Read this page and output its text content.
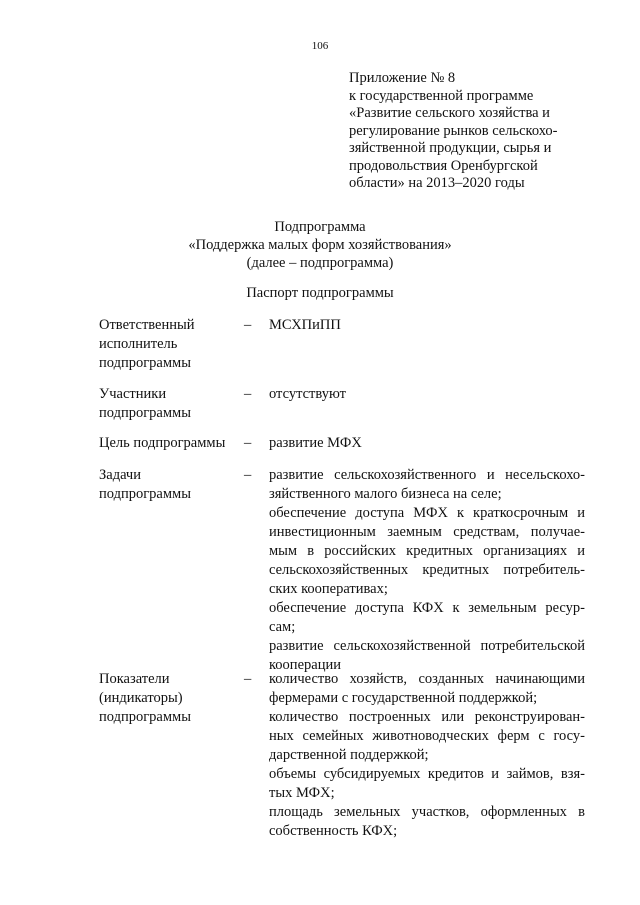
106
Приложение № 8
к государственной программе
«Развитие сельского хозяйства и
регулирование рынков сельскохо-
зяйственной продукции, сырья и
продовольствия Оренбургской
области» на 2013–2020 годы
Подпрограмма
«Поддержка малых форм хозяйствования»
(далее – подпрограмма)
Паспорт подпрограммы
Ответственный
исполнитель
подпрограммы
– МСХПиПП

Участники
подпрограммы
– отсутствуют

Цель подпрограммы	– развитие МФХ

Задачи
подпрограммы
– развитие сельскохозяйственного и несельскохо-зяйственного малого бизнеса на селе;

обеспечение доступа МФХ к краткосрочным и инвестиционным заемным средствам, получае-мым в российских кредитных организациях и сельскохозяйственных кредитных потребитель-ских кооперативах;

обеспечение доступа КФХ к земельным ресур-сам;

развитие сельскохозяйственной потребительской кооперации

Показатели
(индикаторы)
подпрограммы
– количество хозяйств, созданных начинающими фермерами с государственной поддержкой;

количество построенных или реконструирован-ных семейных животноводческих ферм с госу-дарственной поддержкой;

объемы субсидируемых кредитов и займов, взя-тых МФХ;

площадь земельных участков, оформленных в собственность КФХ;
